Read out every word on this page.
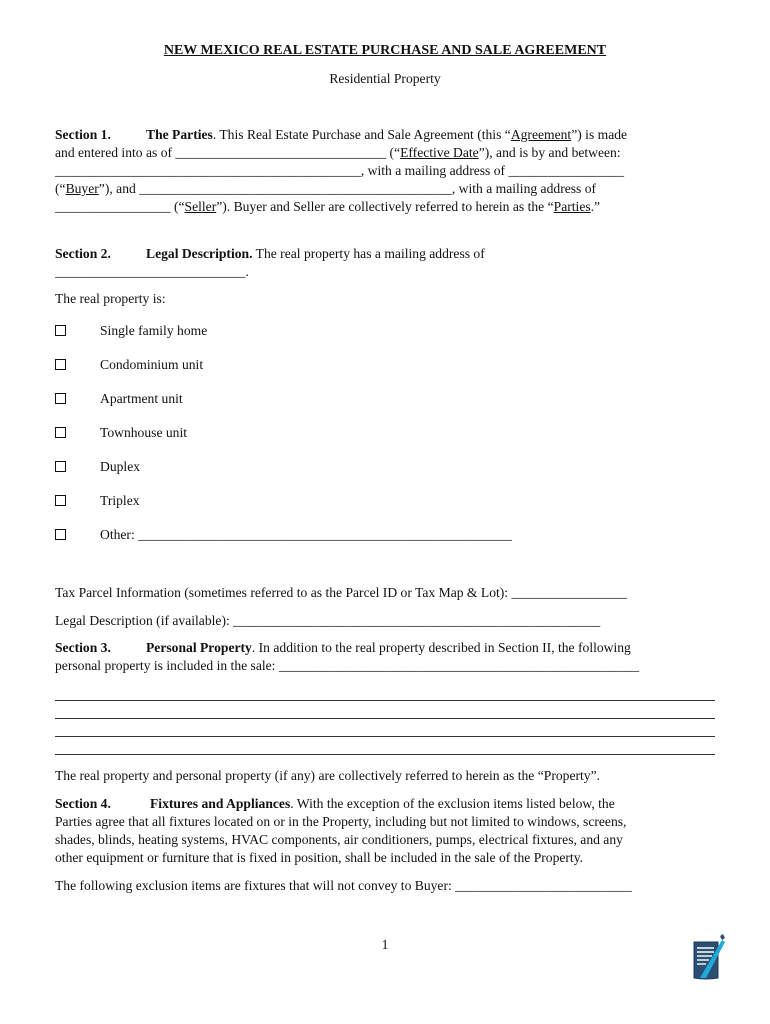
NEW MEXICO REAL ESTATE PURCHASE AND SALE AGREEMENT
Residential Property
Section 1.	The Parties. This Real Estate Purchase and Sale Agreement (this “Agreement”) is made
and entered into as of _______________________________ (“Effective Date”), and is by and between:
_____________________________________________, with a mailing address of _________________
(“Buyer”), and ______________________________________________, with a mailing address of
_________________ (“Seller”). Buyer and Seller are collectively referred to herein as the “Parties.”
Section 2.	Legal Description. The real property has a mailing address of
____________________________.
The real property is:
Single family home
Condominium unit
Apartment unit
Townhouse unit
Duplex
Triplex
Other: _______________________________________________________
Tax Parcel Information (sometimes referred to as the Parcel ID or Tax Map & Lot): _________________
Legal Description (if available): ______________________________________________________
Section 3.	Personal Property. In addition to the real property described in Section II, the following
personal property is included in the sale: _____________________________________________________
The real property and personal property (if any) are collectively referred to herein as the “Property”.
Section 4.	Fixtures and Appliances. With the exception of the exclusion items listed below, the
Parties agree that all fixtures located on or in the Property, including but not limited to windows, screens,
shades, blinds, heating systems, HVAC components, air conditioners, pumps, electrical fixtures, and any
other equipment or furniture that is fixed in position, shall be included in the sale of the Property.
The following exclusion items are fixtures that will not convey to Buyer: __________________________
1
